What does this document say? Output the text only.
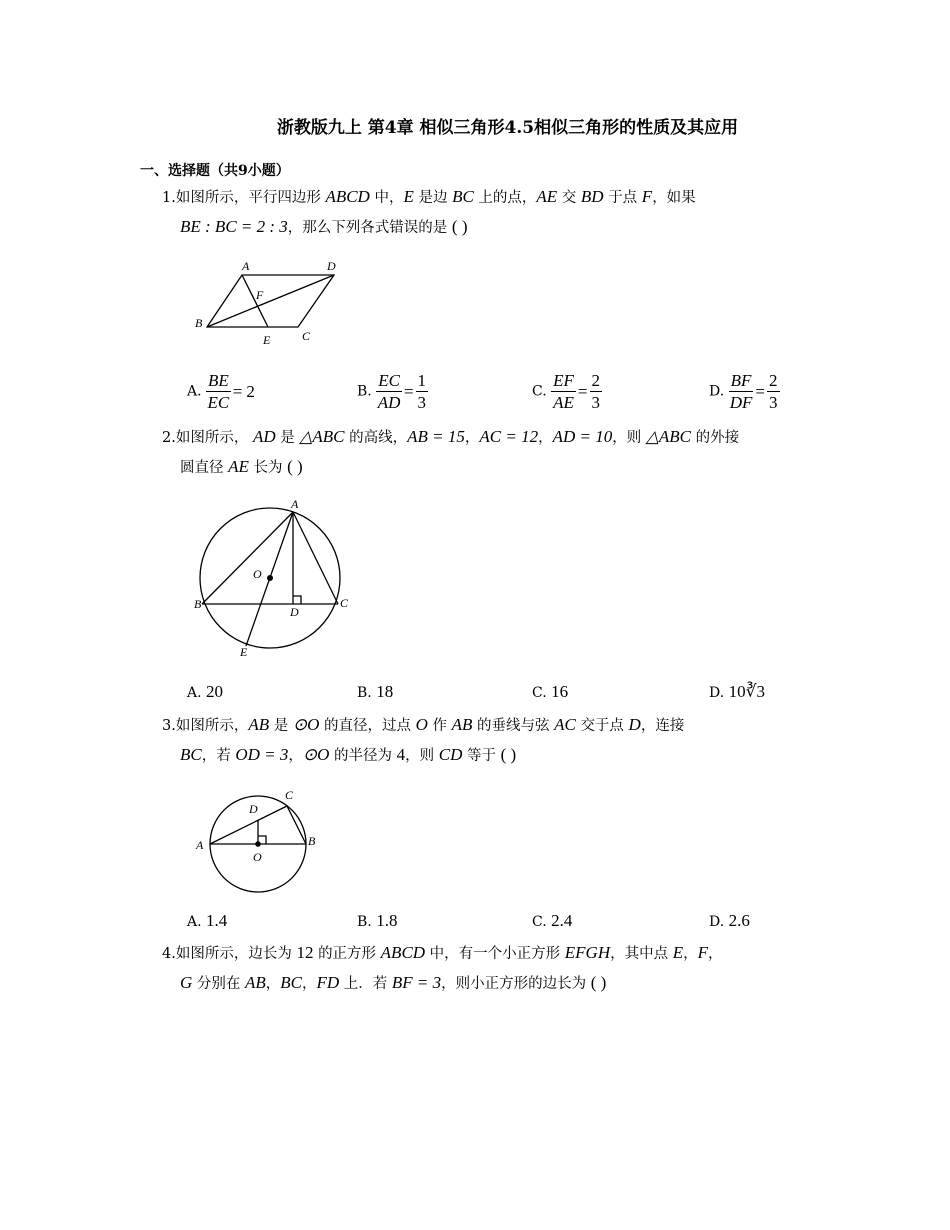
浙教版九上 第4章 相似三角形4.5相似三角形的性质及其应用
一、选择题（共9小题）
1.如图所示，平行四边形 ABCD 中，E 是边 BC 上的点，AE 交 BD 于点 F，如果
BE : BC = 2 : 3，那么下列各式错误的是 ( )
A	D
F
B
E	C
A. $\frac{BE}{EC} = 2$	B. $\frac{EC}{AD} = \frac{1}{3}$	C. $\frac{EF}{AE} = \frac{2}{3}$	D. $\frac{BF}{DF} = \frac{2}{3}$
2.如图所示， AD 是 △ABC 的高线，AB = 15，AC = 12，AD = 10，则 △ABC 的外接
圆直径 AE 长为 ( )
A
O
B
D
C
E
A. 20	B. 18	C. 16	D. 10∛3
3.如图所示，AB 是 ⊙O 的直径，过点 O 作 AB 的垂线与弦 AC 交于点 D，连接
BC，若 OD = 3，⊙O 的半径为 4，则 CD 等于 ( )
C
D
A	B
O
A. 1.4	B. 1.8	C. 2.4	D. 2.6
4.如图所示，边长为 12 的正方形 ABCD 中，有一个小正方形 EFGH，其中点 E，F，
G 分别在 AB，BC，FD 上．若 BF = 3，则小正方形的边长为 ( )
